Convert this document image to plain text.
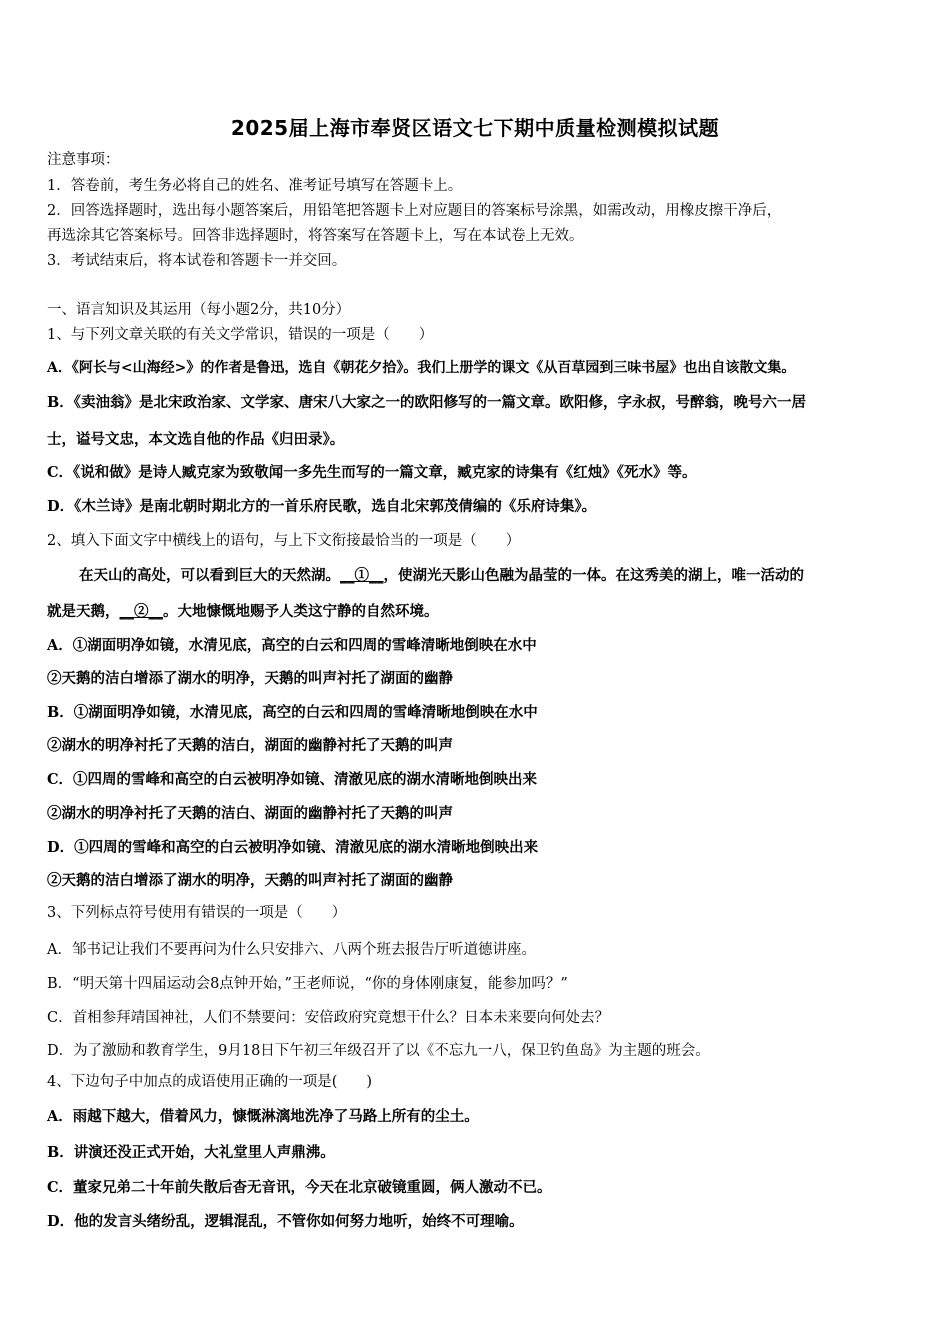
2025届上海市奉贤区语文七下期中质量检测模拟试题
注意事项：
1．答卷前，考生务必将自己的姓名、准考证号填写在答题卡上。
2．回答选择题时，选出每小题答案后，用铅笔把答题卡上对应题目的答案标号涂黑，如需改动，用橡皮擦干净后，
再选涂其它答案标号。回答非选择题时，将答案写在答题卡上，写在本试卷上无效。
3．考试结束后，将本试卷和答题卡一并交回。
一、语言知识及其运用（每小题2分，共10分）
1、与下列文章关联的有关文学常识，错误的一项是（　　）
A．《阿长与<山海经>》的作者是鲁迅，选自《朝花夕拾》。我们上册学的课文《从百草园到三味书屋》也出自该散文集。
B．《卖油翁》是北宋政治家、文学家、唐宋八大家之一的欧阳修写的一篇文章。欧阳修，字永叔，号醉翁，晚号六一居
士，谥号文忠，本文选自他的作品《归田录》。
C．《说和做》是诗人臧克家为致敬闻一多先生而写的一篇文章，臧克家的诗集有《红烛》《死水》等。
D．《木兰诗》是南北朝时期北方的一首乐府民歌，选自北宋郭茂倩编的《乐府诗集》。
2、填入下面文字中横线上的语句，与上下文衔接最恰当的一项是（　　）
在天山的高处，可以看到巨大的天然湖。__①__，使湖光天影山色融为晶莹的一体。在这秀美的湖上，唯一活动的
就是天鹅，__②__。大地慷慨地赐予人类这宁静的自然环境。
A．①湖面明净如镜，水清见底，高空的白云和四周的雪峰清晰地倒映在水中
②天鹅的洁白增添了湖水的明净，天鹅的叫声衬托了湖面的幽静
B．①湖面明净如镜，水清见底，高空的白云和四周的雪峰清晰地倒映在水中
②湖水的明净衬托了天鹅的洁白，湖面的幽静衬托了天鹅的叫声
C．①四周的雪峰和高空的白云被明净如镜、清澈见底的湖水清晰地倒映出来
②湖水的明净衬托了天鹅的洁白、湖面的幽静衬托了天鹅的叫声
D．①四周的雪峰和高空的白云被明净如镜、清澈见底的湖水清晰地倒映出来
②天鹅的洁白增添了湖水的明净，天鹅的叫声衬托了湖面的幽静
3、下列标点符号使用有错误的一项是（　　）
A．邹书记让我们不要再问为什么只安排六、八两个班去报告厅听道德讲座。
B．“明天第十四届运动会8点钟开始，”王老师说，“你的身体刚康复，能参加吗？”
C．首相参拜靖国神社，人们不禁要问：安倍政府究竟想干什么？日本未来要向何处去？
D．为了激励和教育学生，9月18日下午初三年级召开了以《不忘九一八，保卫钓鱼岛》为主题的班会。
4、下边句子中加点的成语使用正确的一项是(　　)
A．雨越下越大，借着风力，慷慨淋漓地洗净了马路上所有的尘土。
B．讲演还没正式开始，大礼堂里人声鼎沸。
C．董家兄弟二十年前失散后杳无音讯，今天在北京破镜重圆，俩人激动不已。
D．他的发言头绪纷乱，逻辑混乱，不管你如何努力地听，始终不可理喻。
